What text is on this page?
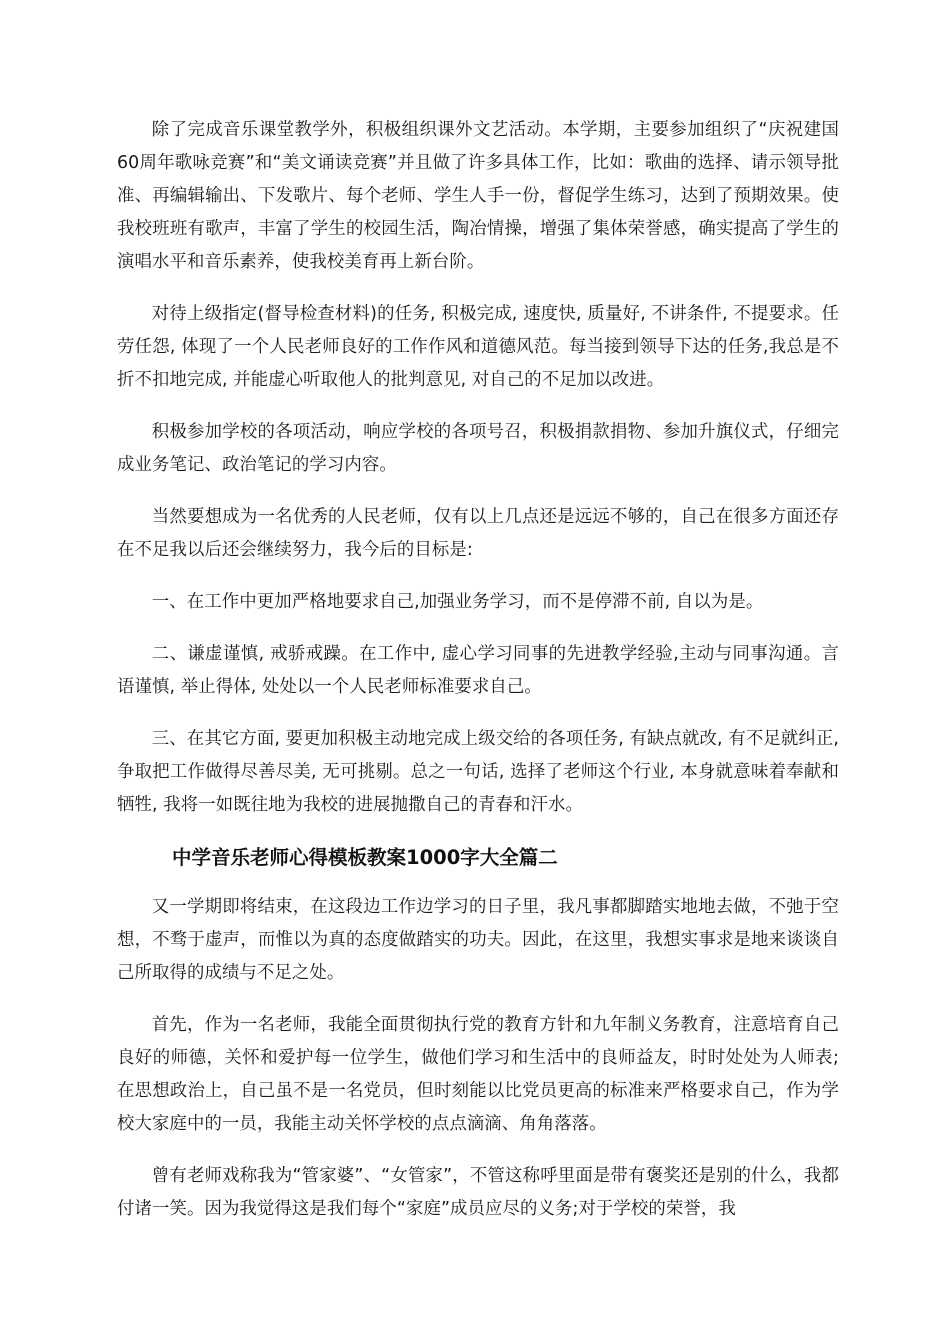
除了完成音乐课堂教学外，积极组织课外文艺活动。本学期，主要参加组织了“庆祝建国60周年歌咏竞赛”和“美文诵读竞赛”并且做了许多具体工作，比如：歌曲的选择、请示领导批准、再编辑输出、下发歌片、每个老师、学生人手一份，督促学生练习，达到了预期效果。使我校班班有歌声，丰富了学生的校园生活，陶冶情操，增强了集体荣誉感，确实提高了学生的演唱水平和音乐素养，使我校美育再上新台阶。

对待上级指定(督导检查材料)的任务, 积极完成, 速度快, 质量好, 不讲条件, 不提要求。任劳任怨, 体现了一个人民老师良好的工作作风和道德风范。每当接到领导下达的任务,我总是不折不扣地完成, 并能虚心听取他人的批判意见, 对自己的不足加以改进。

积极参加学校的各项活动，响应学校的各项号召，积极捐款捐物、参加升旗仪式，仔细完成业务笔记、政治笔记的学习内容。

当然要想成为一名优秀的人民老师，仅有以上几点还是远远不够的，自己在很多方面还存在不足我以后还会继续努力，我今后的目标是:

一、在工作中更加严格地要求自己,加强业务学习，而不是停滞不前, 自以为是。

二、谦虚谨慎, 戒骄戒躁。在工作中, 虚心学习同事的先进教学经验,主动与同事沟通。言语谨慎, 举止得体, 处处以一个人民老师标准要求自己。

三、在其它方面, 要更加积极主动地完成上级交给的各项任务, 有缺点就改, 有不足就纠正, 争取把工作做得尽善尽美, 无可挑剔。总之一句话, 选择了老师这个行业, 本身就意味着奉献和牺牲, 我将一如既往地为我校的进展抛撒自己的青春和汗水。

中学音乐老师心得模板教案1000字大全篇二

又一学期即将结束，在这段边工作边学习的日子里，我凡事都脚踏实地地去做，不弛于空想，不骛于虚声，而惟以为真的态度做踏实的功夫。因此，在这里，我想实事求是地来谈谈自己所取得的成绩与不足之处。

首先，作为一名老师，我能全面贯彻执行党的教育方针和九年制义务教育，注意培育自己良好的师德，关怀和爱护每一位学生，做他们学习和生活中的良师益友，时时处处为人师表;在思想政治上，自己虽不是一名党员，但时刻能以比党员更高的标准来严格要求自己，作为学校大家庭中的一员，我能主动关怀学校的点点滴滴、角角落落。

曾有老师戏称我为“管家婆”、“女管家”，不管这称呼里面是带有褒奖还是别的什么，我都付诸一笑。因为我觉得这是我们每个“家庭”成员应尽的义务;对于学校的荣誉，我
